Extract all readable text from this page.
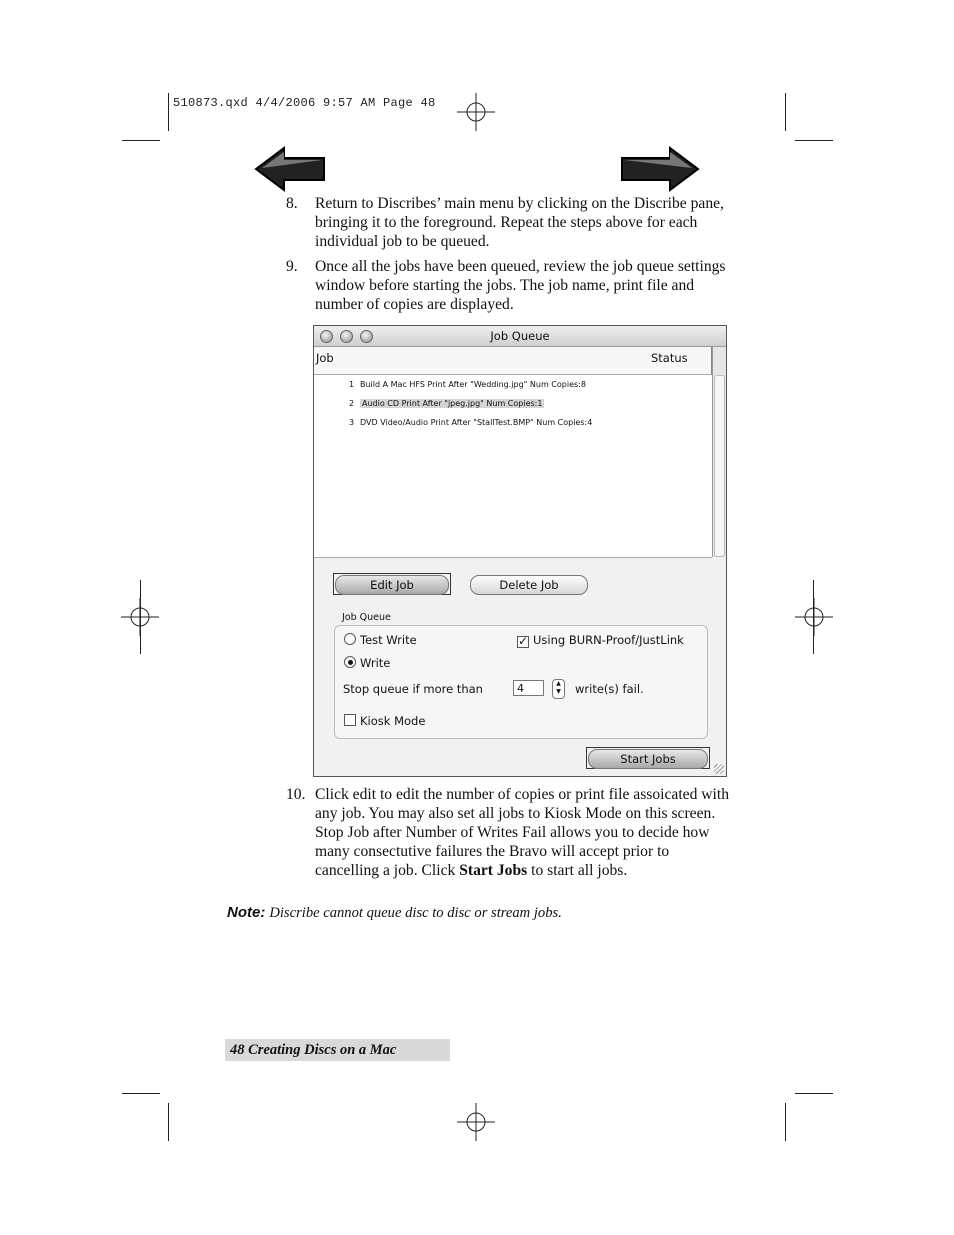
510873.qxd 4/4/2006 9:57 AM Page 48
8. Return to Discribes’ main menu by clicking on the Discribe pane, bringing it to the foreground. Repeat the steps above for each individual job to be queued.
9. Once all the jobs have been queued, review the job queue settings window before starting the jobs. The job name, print file and number of copies are displayed.
Job Queue
Job	Status
1 Build A Mac HFS Print After "Wedding.jpg" Num Copies:8
2 Audio CD Print After "jpeg.jpg" Num Copies:1
3 DVD Video/Audio Print After "StallTest.BMP" Num Copies:4
Edit Job	Delete Job
Job Queue
Test Write
Write
✓ Using BURN-Proof/JustLink
Stop queue if more than	4	▲
▼	write(s) fail.
Kiosk Mode
Start Jobs
10. Click edit to edit the number of copies or print file assoicated with any job. You may also set all jobs to Kiosk Mode on this screen. Stop Job after Number of Writes Fail allows you to decide how many consectutive failures the Bravo will accept prior to cancelling a job. Click Start Jobs to start all jobs.
Note: Discribe cannot queue disc to disc or stream jobs.
48 Creating Discs on a Mac
